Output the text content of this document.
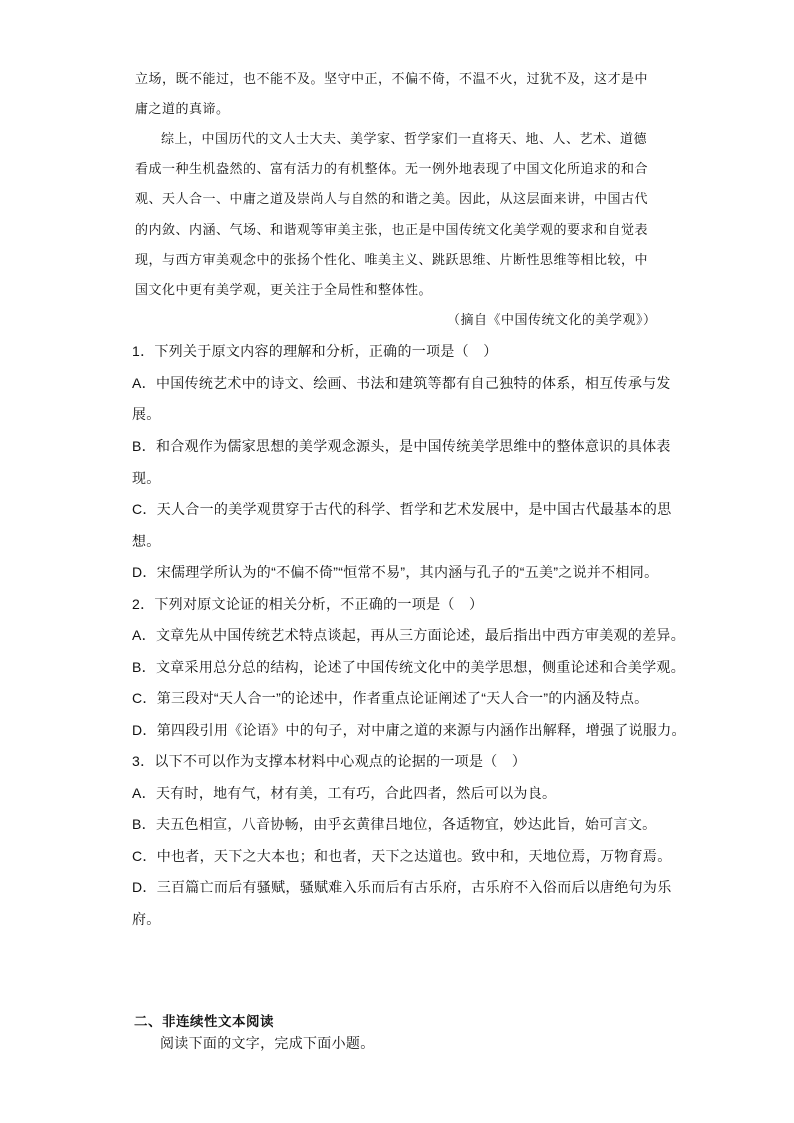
立场，既不能过，也不能不及。坚守中正，不偏不倚，不温不火，过犹不及，这才是中
庸之道的真谛。
综上，中国历代的文人士大夫、美学家、哲学家们一直将天、地、人、艺术、道德
看成一种生机盎然的、富有活力的有机整体。无一例外地表现了中国文化所追求的和合
观、天人合一、中庸之道及崇尚人与自然的和谐之美。因此，从这层面来讲，中国古代
的内敛、内涵、气场、和谐观等审美主张，也正是中国传统文化美学观的要求和自觉表
现，与西方审美观念中的张扬个性化、唯美主义、跳跃思维、片断性思维等相比较，中
国文化中更有美学观，更关注于全局性和整体性。
（摘自《中国传统文化的美学观》）
1．下列关于原文内容的理解和分析，正确的一项是（　）
A．中国传统艺术中的诗文、绘画、书法和建筑等都有自己独特的体系，相互传承与发
展。
B．和合观作为儒家思想的美学观念源头，是中国传统美学思维中的整体意识的具体表
现。
C．天人合一的美学观贯穿于古代的科学、哲学和艺术发展中，是中国古代最基本的思
想。
D．宋儒理学所认为的“不偏不倚”“恒常不易”，其内涵与孔子的“五美”之说并不相同。
2．下列对原文论证的相关分析，不正确的一项是（　）
A．文章先从中国传统艺术特点谈起，再从三方面论述，最后指出中西方审美观的差异。
B．文章采用总分总的结构，论述了中国传统文化中的美学思想，侧重论述和合美学观。
C．第三段对“天人合一”的论述中，作者重点论证阐述了“天人合一”的内涵及特点。
D．第四段引用《论语》中的句子，对中庸之道的来源与内涵作出解释，增强了说服力。
3．以下不可以作为支撑本材料中心观点的论据的一项是（　）
A．天有时，地有气，材有美，工有巧，合此四者，然后可以为良。
B．夫五色相宣，八音协畅，由乎玄黄律吕地位，各适物宜，妙达此旨，始可言文。
C．中也者，天下之大本也；和也者，天下之达道也。致中和，天地位焉，万物育焉。
D．三百篇亡而后有骚赋，骚赋难入乐而后有古乐府，古乐府不入俗而后以唐绝句为乐
府。
二、非连续性文本阅读
阅读下面的文字，完成下面小题。
